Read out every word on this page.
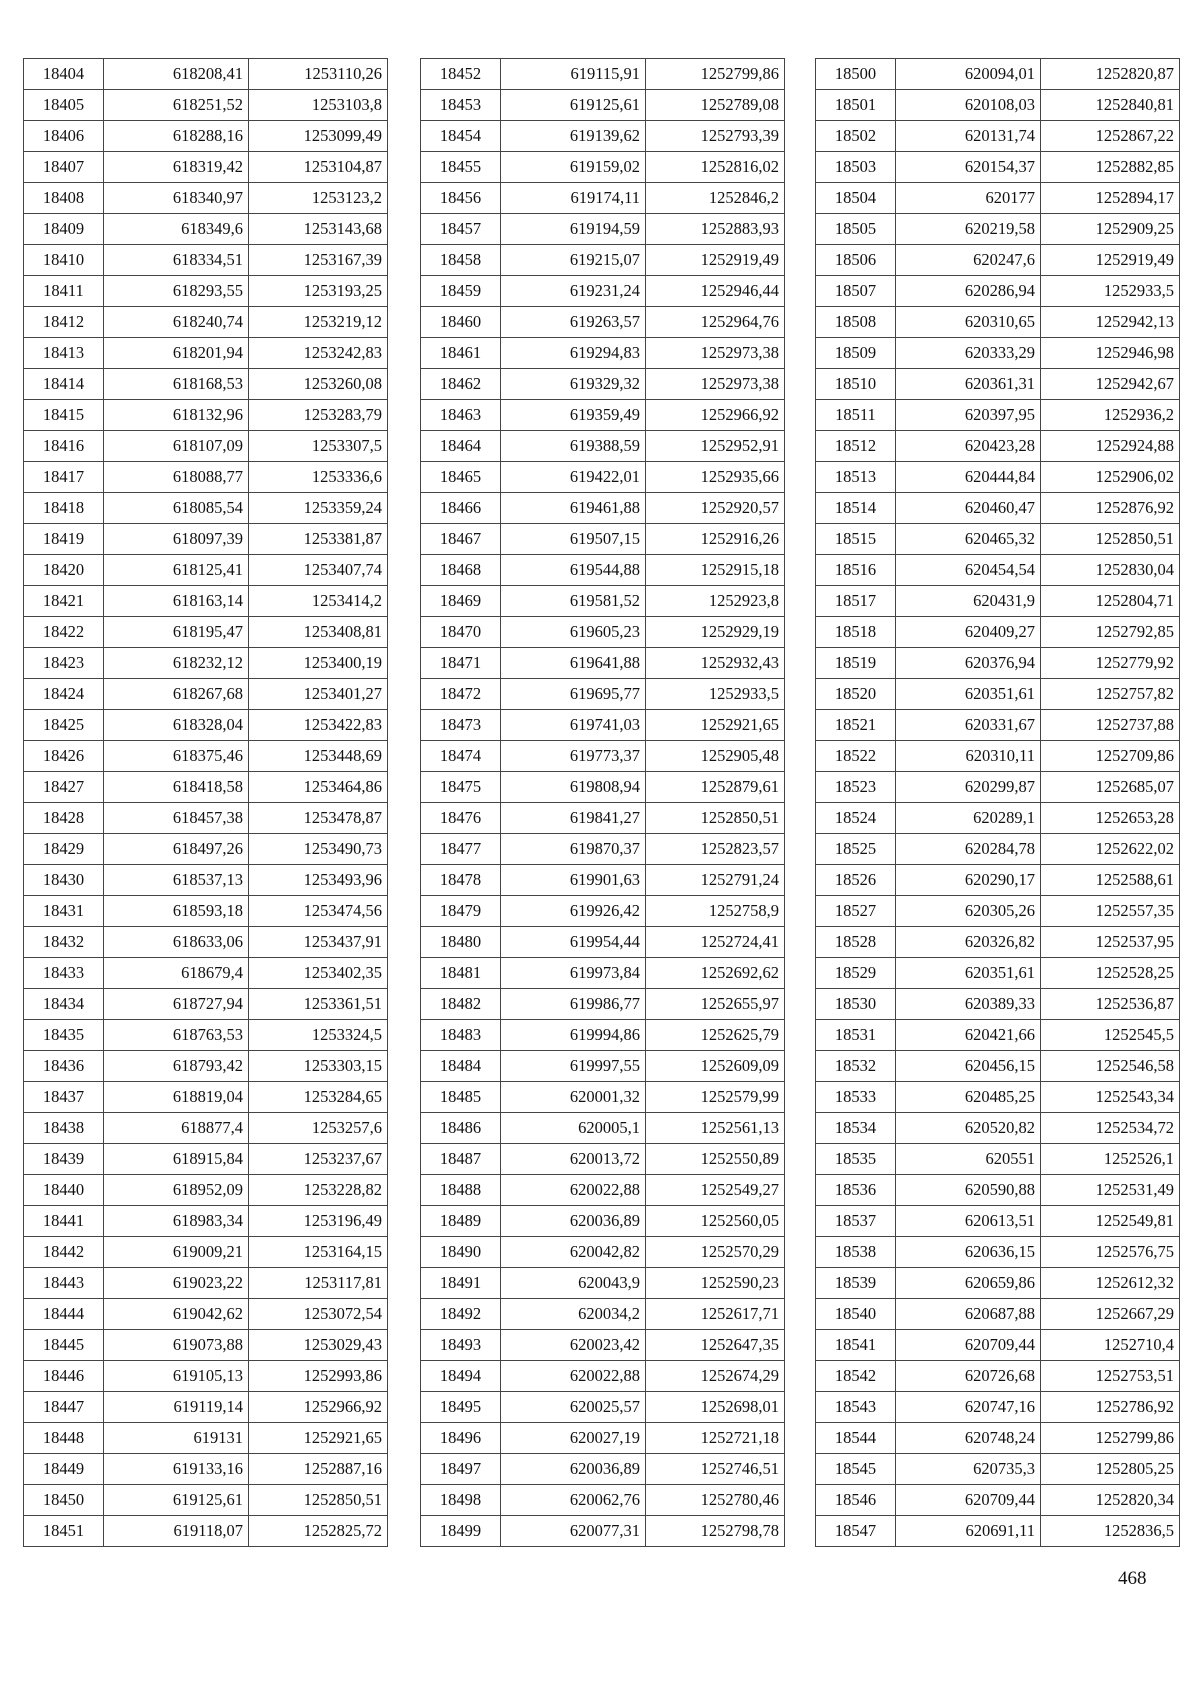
18404	618208,41	1253110,26
18405	618251,52	1253103,8
18406	618288,16	1253099,49
18407	618319,42	1253104,87
18408	618340,97	1253123,2
18409	618349,6	1253143,68
18410	618334,51	1253167,39
18411	618293,55	1253193,25
18412	618240,74	1253219,12
18413	618201,94	1253242,83
18414	618168,53	1253260,08
18415	618132,96	1253283,79
18416	618107,09	1253307,5
18417	618088,77	1253336,6
18418	618085,54	1253359,24
18419	618097,39	1253381,87
18420	618125,41	1253407,74
18421	618163,14	1253414,2
18422	618195,47	1253408,81
18423	618232,12	1253400,19
18424	618267,68	1253401,27
18425	618328,04	1253422,83
18426	618375,46	1253448,69
18427	618418,58	1253464,86
18428	618457,38	1253478,87
18429	618497,26	1253490,73
18430	618537,13	1253493,96
18431	618593,18	1253474,56
18432	618633,06	1253437,91
18433	618679,4	1253402,35
18434	618727,94	1253361,51
18435	618763,53	1253324,5
18436	618793,42	1253303,15
18437	618819,04	1253284,65
18438	618877,4	1253257,6
18439	618915,84	1253237,67
18440	618952,09	1253228,82
18441	618983,34	1253196,49
18442	619009,21	1253164,15
18443	619023,22	1253117,81
18444	619042,62	1253072,54
18445	619073,88	1253029,43
18446	619105,13	1252993,86
18447	619119,14	1252966,92
18448	619131	1252921,65
18449	619133,16	1252887,16
18450	619125,61	1252850,51
18451	619118,07	1252825,72
18452	619115,91	1252799,86
18453	619125,61	1252789,08
18454	619139,62	1252793,39
18455	619159,02	1252816,02
18456	619174,11	1252846,2
18457	619194,59	1252883,93
18458	619215,07	1252919,49
18459	619231,24	1252946,44
18460	619263,57	1252964,76
18461	619294,83	1252973,38
18462	619329,32	1252973,38
18463	619359,49	1252966,92
18464	619388,59	1252952,91
18465	619422,01	1252935,66
18466	619461,88	1252920,57
18467	619507,15	1252916,26
18468	619544,88	1252915,18
18469	619581,52	1252923,8
18470	619605,23	1252929,19
18471	619641,88	1252932,43
18472	619695,77	1252933,5
18473	619741,03	1252921,65
18474	619773,37	1252905,48
18475	619808,94	1252879,61
18476	619841,27	1252850,51
18477	619870,37	1252823,57
18478	619901,63	1252791,24
18479	619926,42	1252758,9
18480	619954,44	1252724,41
18481	619973,84	1252692,62
18482	619986,77	1252655,97
18483	619994,86	1252625,79
18484	619997,55	1252609,09
18485	620001,32	1252579,99
18486	620005,1	1252561,13
18487	620013,72	1252550,89
18488	620022,88	1252549,27
18489	620036,89	1252560,05
18490	620042,82	1252570,29
18491	620043,9	1252590,23
18492	620034,2	1252617,71
18493	620023,42	1252647,35
18494	620022,88	1252674,29
18495	620025,57	1252698,01
18496	620027,19	1252721,18
18497	620036,89	1252746,51
18498	620062,76	1252780,46
18499	620077,31	1252798,78
18500	620094,01	1252820,87
18501	620108,03	1252840,81
18502	620131,74	1252867,22
18503	620154,37	1252882,85
18504	620177	1252894,17
18505	620219,58	1252909,25
18506	620247,6	1252919,49
18507	620286,94	1252933,5
18508	620310,65	1252942,13
18509	620333,29	1252946,98
18510	620361,31	1252942,67
18511	620397,95	1252936,2
18512	620423,28	1252924,88
18513	620444,84	1252906,02
18514	620460,47	1252876,92
18515	620465,32	1252850,51
18516	620454,54	1252830,04
18517	620431,9	1252804,71
18518	620409,27	1252792,85
18519	620376,94	1252779,92
18520	620351,61	1252757,82
18521	620331,67	1252737,88
18522	620310,11	1252709,86
18523	620299,87	1252685,07
18524	620289,1	1252653,28
18525	620284,78	1252622,02
18526	620290,17	1252588,61
18527	620305,26	1252557,35
18528	620326,82	1252537,95
18529	620351,61	1252528,25
18530	620389,33	1252536,87
18531	620421,66	1252545,5
18532	620456,15	1252546,58
18533	620485,25	1252543,34
18534	620520,82	1252534,72
18535	620551	1252526,1
18536	620590,88	1252531,49
18537	620613,51	1252549,81
18538	620636,15	1252576,75
18539	620659,86	1252612,32
18540	620687,88	1252667,29
18541	620709,44	1252710,4
18542	620726,68	1252753,51
18543	620747,16	1252786,92
18544	620748,24	1252799,86
18545	620735,3	1252805,25
18546	620709,44	1252820,34
18547	620691,11	1252836,5
468
